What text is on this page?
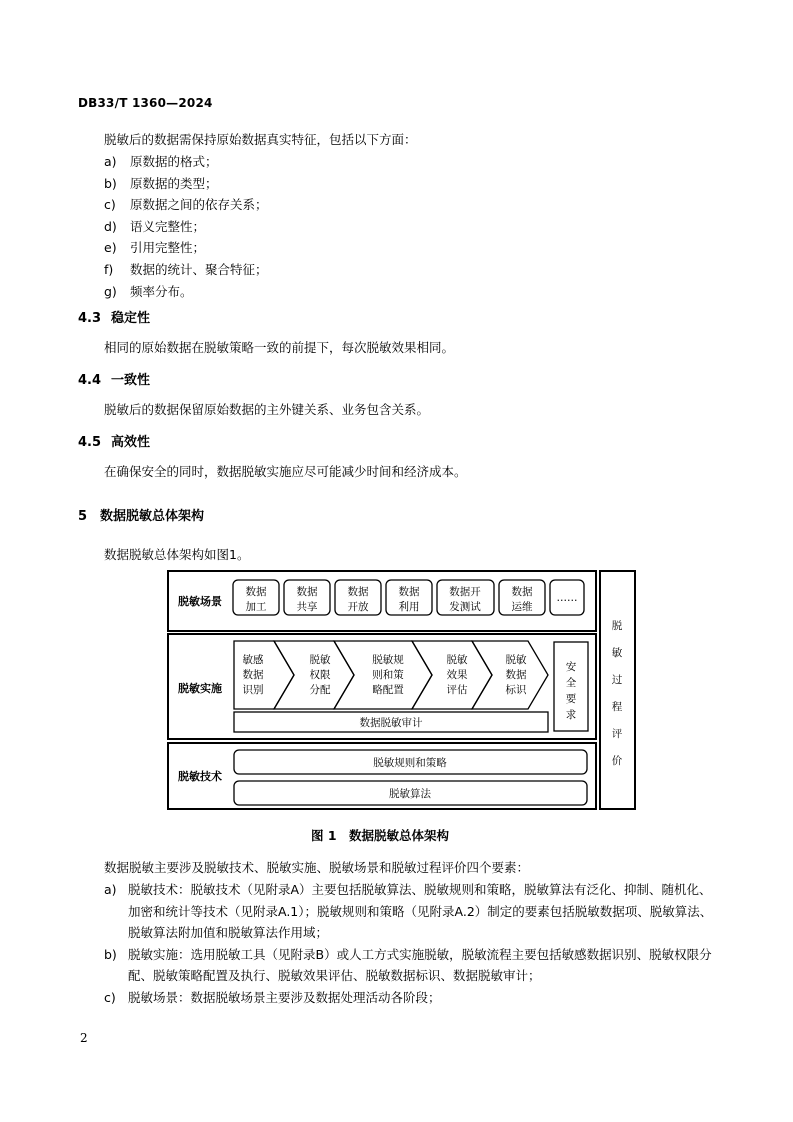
DB33/T 1360—2024
脱敏后的数据需保持原始数据真实特征，包括以下方面：
a) 原数据的格式；
b) 原数据的类型；
c) 原数据之间的依存关系；
d) 语义完整性；
e) 引用完整性；
f) 数据的统计、聚合特征；
g) 频率分布。
4.3 稳定性
相同的原始数据在脱敏策略一致的前提下，每次脱敏效果相同。
4.4 一致性
脱敏后的数据保留原始数据的主外键关系、业务包含关系。
4.5 高效性
在确保安全的同时，数据脱敏实施应尽可能减少时间和经济成本。
5 数据脱敏总体架构
数据脱敏总体架构如图1。
脱敏场景
数据
加工
数据
共享
数据
开放
数据
利用
数据开
发测试
数据
运维
……
脱敏实施
敏感
数据
识别
脱敏
权限
分配
脱敏规
则和策
略配置
脱敏
效果
评估
脱敏
数据
标识
安
全
要
求
数据脱敏审计
脱敏技术
脱敏规则和策略
脱敏算法
脱
敏
过
程
评
价
图 1　数据脱敏总体架构
数据脱敏主要涉及脱敏技术、脱敏实施、脱敏场景和脱敏过程评价四个要素：
a) 脱敏技术：脱敏技术（见附录A）主要包括脱敏算法、脱敏规则和策略，脱敏算法有泛化、抑制、随机化、加密和统计等技术（见附录A.1）；脱敏规则和策略（见附录A.2）制定的要素包括脱敏数据项、脱敏算法、脱敏算法附加值和脱敏算法作用域；
b) 脱敏实施：选用脱敏工具（见附录B）或人工方式实施脱敏，脱敏流程主要包括敏感数据识别、脱敏权限分配、脱敏策略配置及执行、脱敏效果评估、脱敏数据标识、数据脱敏审计；
c) 脱敏场景：数据脱敏场景主要涉及数据处理活动各阶段；
2
